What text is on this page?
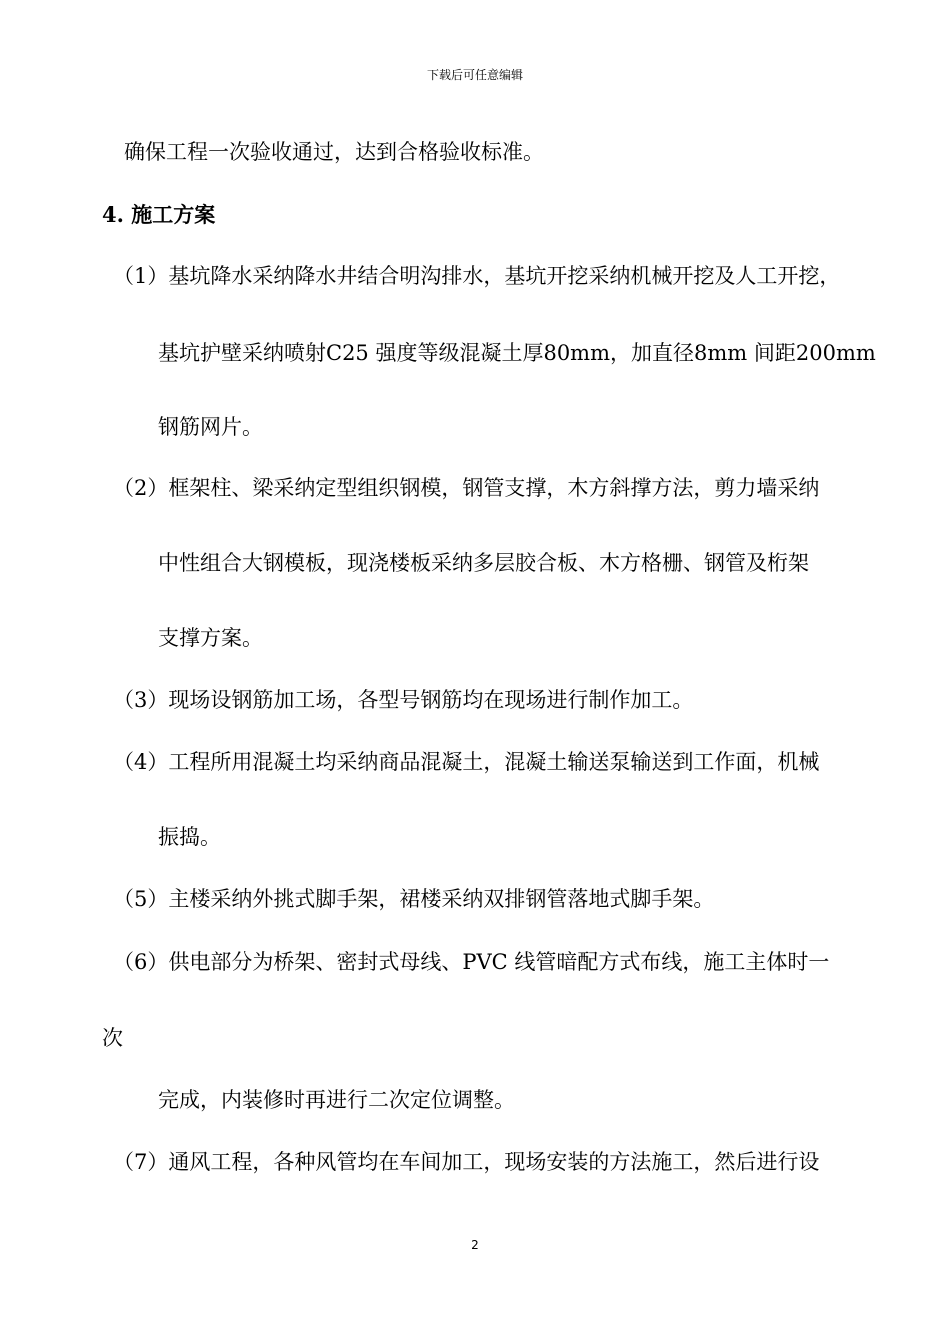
下载后可任意编辑
确保工程一次验收通过，达到合格验收标准。
4. 施工方案
（1）基坑降水采纳降水井结合明沟排水，基坑开挖采纳机械开挖及人工开挖，
基坑护壁采纳喷射C25 强度等级混凝土厚80mm，加直径8mm 间距200mm
钢筋网片。
（2）框架柱、梁采纳定型组织钢模，钢管支撑，木方斜撑方法，剪力墙采纳
中性组合大钢模板，现浇楼板采纳多层胶合板、木方格栅、钢管及桁架
支撑方案。
（3）现场设钢筋加工场，各型号钢筋均在现场进行制作加工。
（4）工程所用混凝土均采纳商品混凝土，混凝土输送泵输送到工作面，机械
振捣。
（5）主楼采纳外挑式脚手架，裙楼采纳双排钢管落地式脚手架。
（6）供电部分为桥架、密封式母线、PVC 线管暗配方式布线，施工主体时一
次
完成，内装修时再进行二次定位调整。
（7）通风工程，各种风管均在车间加工，现场安装的方法施工，然后进行设
2
